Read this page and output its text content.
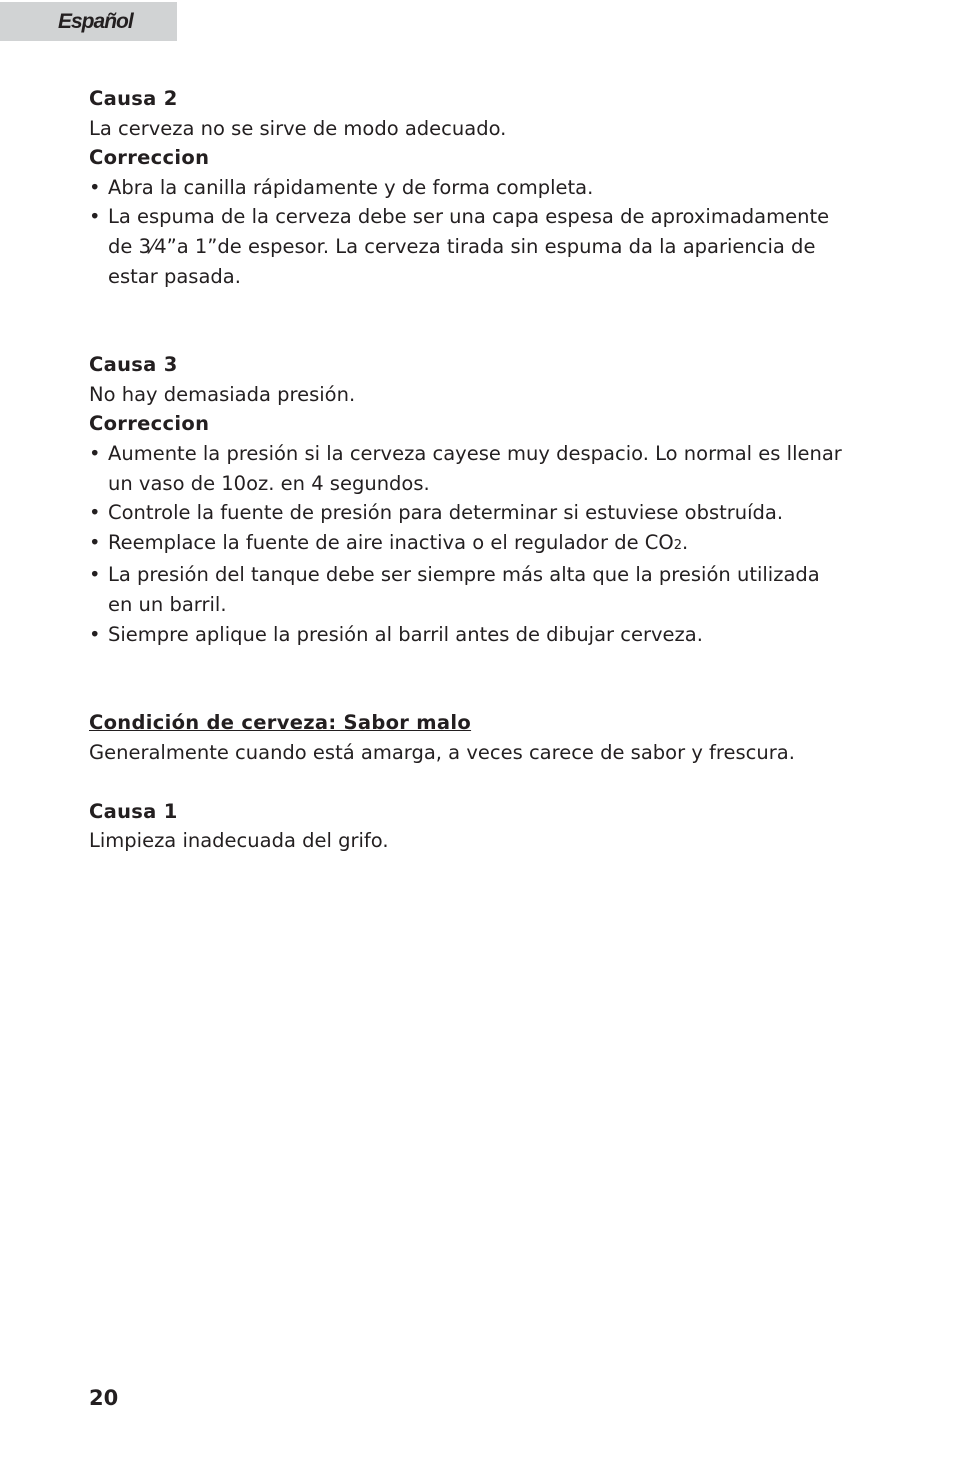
Español

Causa 2

La cerveza no se sirve de modo adecuado.

Correccion

• Abra la canilla rápidamente y de forma completa.
• La espuma de la cerveza debe ser una capa espesa de aproximadamente de 3⁄4”a 1”de espesor. La cerveza tirada sin espuma da la apariencia de estar pasada.

Causa 3

No hay demasiada presión.

Correccion

• Aumente la presión si la cerveza cayese muy despacio. Lo normal es llenar un vaso de 10oz. en 4 segundos.
• Controle la fuente de presión para determinar si estuviese obstruída.
• Reemplace la fuente de aire inactiva o el regulador de CO2.
• La presión del tanque debe ser siempre más alta que la presión utilizada en un barril.
• Siempre aplique la presión al barril antes de dibujar cerveza.

Condición de cerveza: Sabor malo

Generalmente cuando está amarga, a veces carece de sabor y frescura.

Causa 1

Limpieza inadecuada del grifo.

20
